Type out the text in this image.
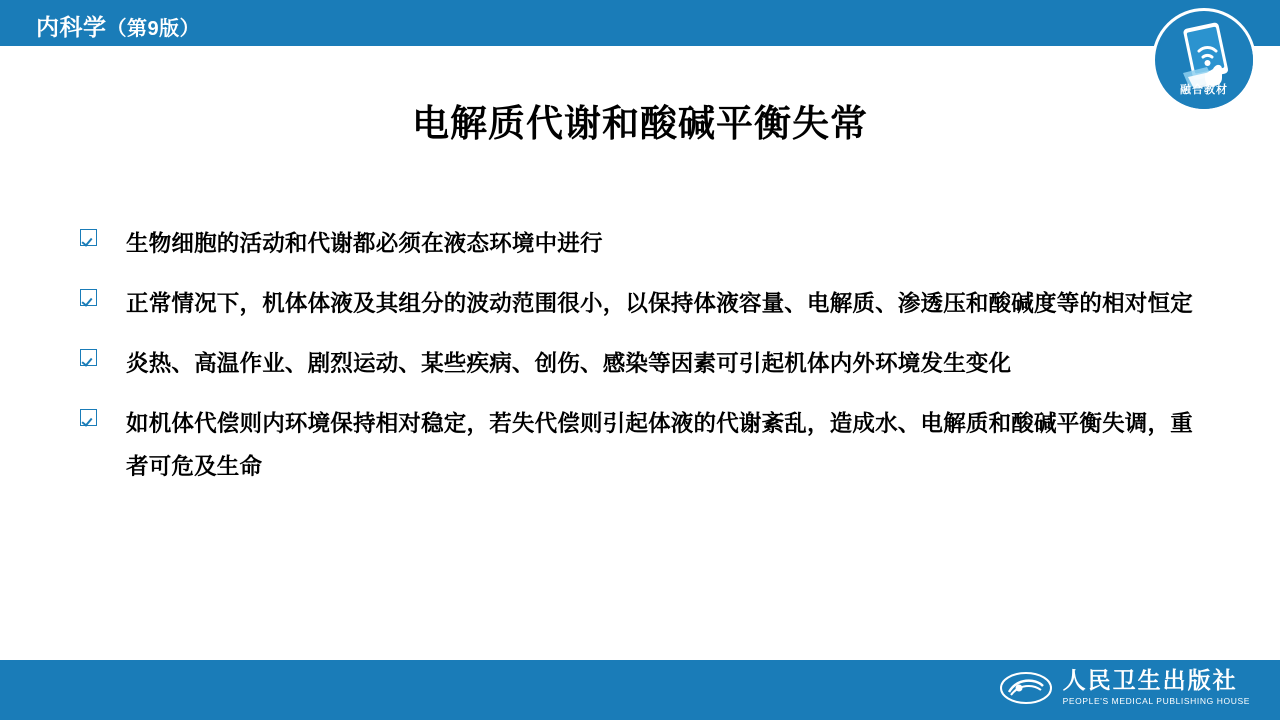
内科学（第9版）
融合教材
电解质代谢和酸碱平衡失常
生物细胞的活动和代谢都必须在液态环境中进行
正常情况下，机体体液及其组分的波动范围很小，以保持体液容量、电解质、渗透压和酸碱度等的相对恒定
炎热、高温作业、剧烈运动、某些疾病、创伤、感染等因素可引起机体内外环境发生变化
如机体代偿则内环境保持相对稳定，若失代偿则引起体液的代谢紊乱，造成水、电解质和酸碱平衡失调，重者可危及生命
人民卫生出版社
PEOPLE'S MEDICAL PUBLISHING HOUSE
